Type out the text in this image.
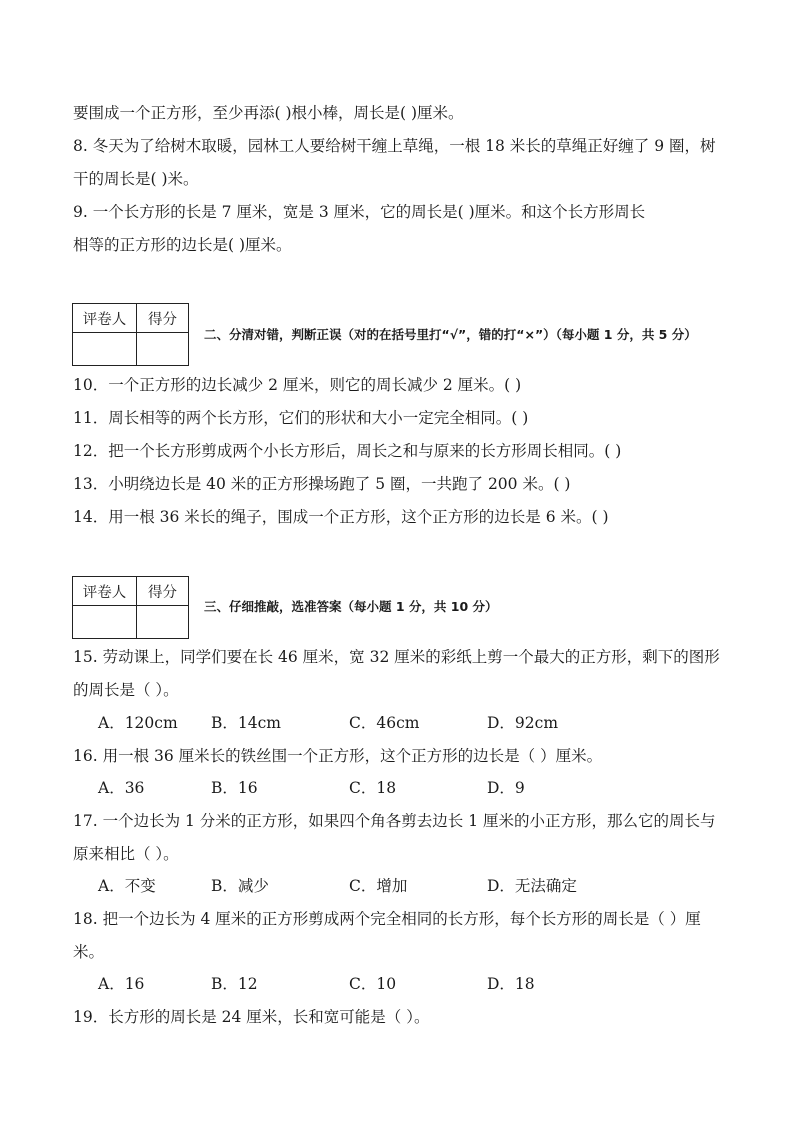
要围成一个正方形，至少再添( )根小棒，周长是( )厘米。
8. 冬天为了给树木取暖，园林工人要给树干缠上草绳，一根 18 米长的草绳正好缠了 9 圈，树
干的周长是( )米。
9. 一个长方形的长是 7 厘米，宽是 3 厘米，它的周长是( )厘米。和这个长方形周长
相等的正方形的边长是( )厘米。
评卷人	得分

二、分清对错，判断正误（对的在括号里打“√”，错的打“×”）（每小题 1 分，共 5 分）
10．一个正方形的边长减少 2 厘米，则它的周长减少 2 厘米。( )
11．周长相等的两个长方形，它们的形状和大小一定完全相同。( )
12．把一个长方形剪成两个小长方形后，周长之和与原来的长方形周长相同。( )
13．小明绕边长是 40 米的正方形操场跑了 5 圈，一共跑了 200 米。( )
14．用一根 36 米长的绳子，围成一个正方形，这个正方形的边长是 6 米。( )
评卷人	得分

三、仔细推敲，选准答案（每小题 1 分，共 10 分）
15. 劳动课上，同学们要在长 46 厘米，宽 32 厘米的彩纸上剪一个最大的正方形，剩下的图形
的周长是（ ）。
A．120cm B．14cm	C．46cm	D．92cm
16. 用一根 36 厘米长的铁丝围一个正方形，这个正方形的边长是（ ）厘米。
A．36	B．16	C．18	D．9
17. 一个边长为 1 分米的正方形，如果四个角各剪去边长 1 厘米的小正方形，那么它的周长与
原来相比（ ）。
A．不变	B．减少	C．增加	D．无法确定
18. 把一个边长为 4 厘米的正方形剪成两个完全相同的长方形，每个长方形的周长是（ ）厘
米。
A．16	B．12	C．10	D．18
19．长方形的周长是 24 厘米，长和宽可能是（ ）。
